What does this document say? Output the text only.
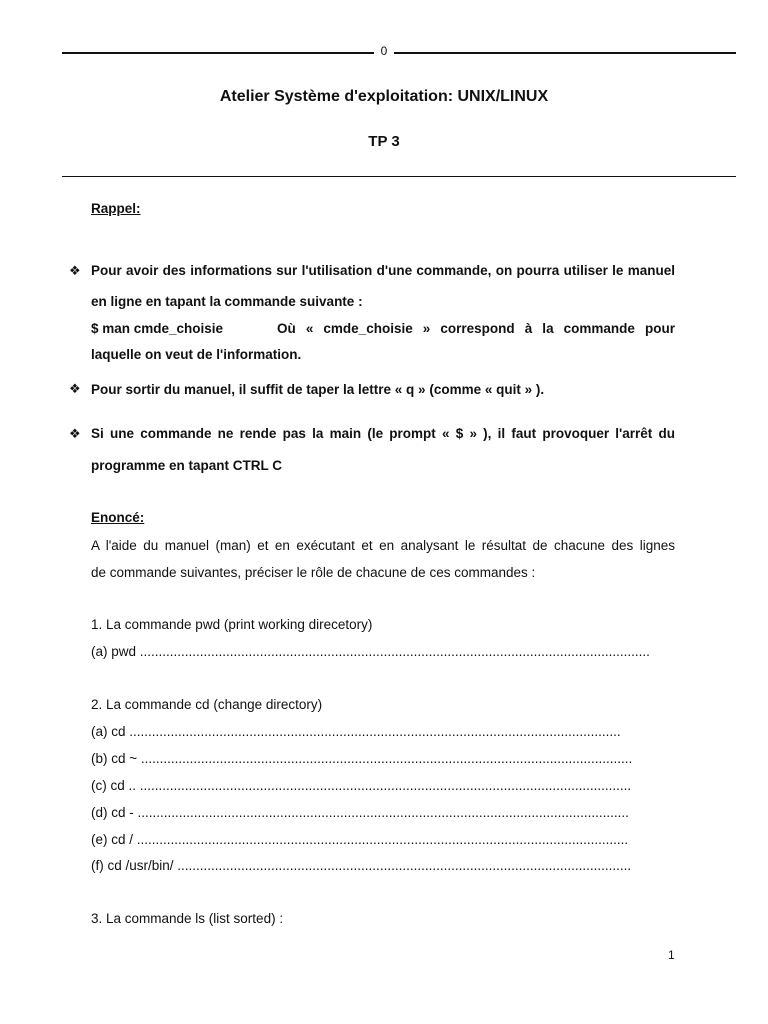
0
Atelier Système d'exploitation: UNIX/LINUX
TP 3
Rappel:
❖ Pour avoir des informations sur l'utilisation d'une commande, on pourra utiliser le manuel
en ligne en tapant la commande suivante :
$ man cmde_choisie	Où « cmde_choisie » correspond à la commande pour
laquelle on veut de l'information.
❖ Pour sortir du manuel, il suffit de taper la lettre « q » (comme « quit » ).
❖ Si une commande ne rende pas la main (le prompt « $ » ), il faut provoquer l'arrêt du
programme en tapant CTRL C
Enoncé:
A l'aide du manuel (man) et en exécutant et en analysant le résultat de chacune des lignes
de commande suivantes, préciser le rôle de chacune de ces commandes :
1. La commande pwd (print working direcetory)
(a) pwd ........................................................................................................................................
2. La commande cd (change directory)
(a) cd ...................................................................................................................................
(b) cd ~ ...................................................................................................................................
(c) cd .. ...................................................................................................................................
(d) cd - ...................................................................................................................................
(e) cd / ...................................................................................................................................
(f) cd /usr/bin/ .........................................................................................................................
3. La commande ls (list sorted) :
1
